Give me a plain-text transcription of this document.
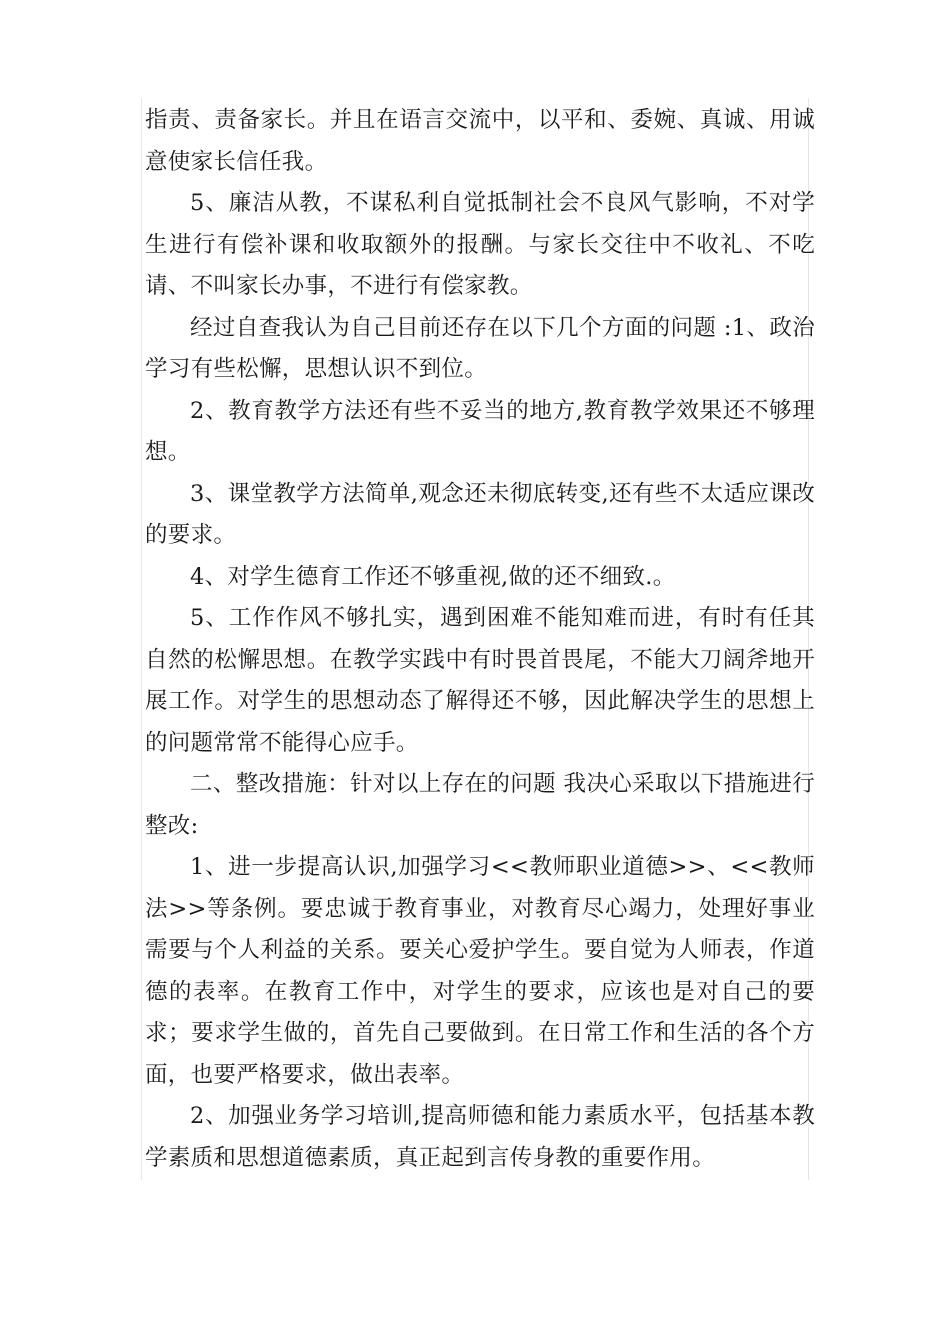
指责、责备家长。并且在语言交流中，以平和、委婉、真诚、用诚意使家长信任我。

5、廉洁从教，不谋私利自觉抵制社会不良风气影响，不对学生进行有偿补课和收取额外的报酬。与家长交往中不收礼、不吃请、不叫家长办事，不进行有偿家教。

经过自查我认为自己目前还存在以下几个方面的问题 :1、政治学习有些松懈，思想认识不到位。

2、教育教学方法还有些不妥当的地方,教育教学效果还不够理想。

3、课堂教学方法简单,观念还未彻底转变,还有些不太适应课改的要求。

4、对学生德育工作还不够重视,做的还不细致.。

5、工作作风不够扎实，遇到困难不能知难而进，有时有任其自然的松懈思想。在教学实践中有时畏首畏尾，不能大刀阔斧地开展工作。对学生的思想动态了解得还不够，因此解决学生的思想上的问题常常不能得心应手。

二、整改措施：针对以上存在的问题 我决心采取以下措施进行整改:

1、进一步提高认识,加强学习<<教师职业道德>>、<<教师法>>等条例。要忠诚于教育事业，对教育尽心竭力，处理好事业需要与个人利益的关系。要关心爱护学生。要自觉为人师表，作道德的表率。在教育工作中，对学生的要求，应该也是对自己的要求；要求学生做的，首先自己要做到。在日常工作和生活的各个方面，也要严格要求，做出表率。

2、加强业务学习培训,提高师德和能力素质水平，包括基本教学素质和思想道德素质，真正起到言传身教的重要作用。
